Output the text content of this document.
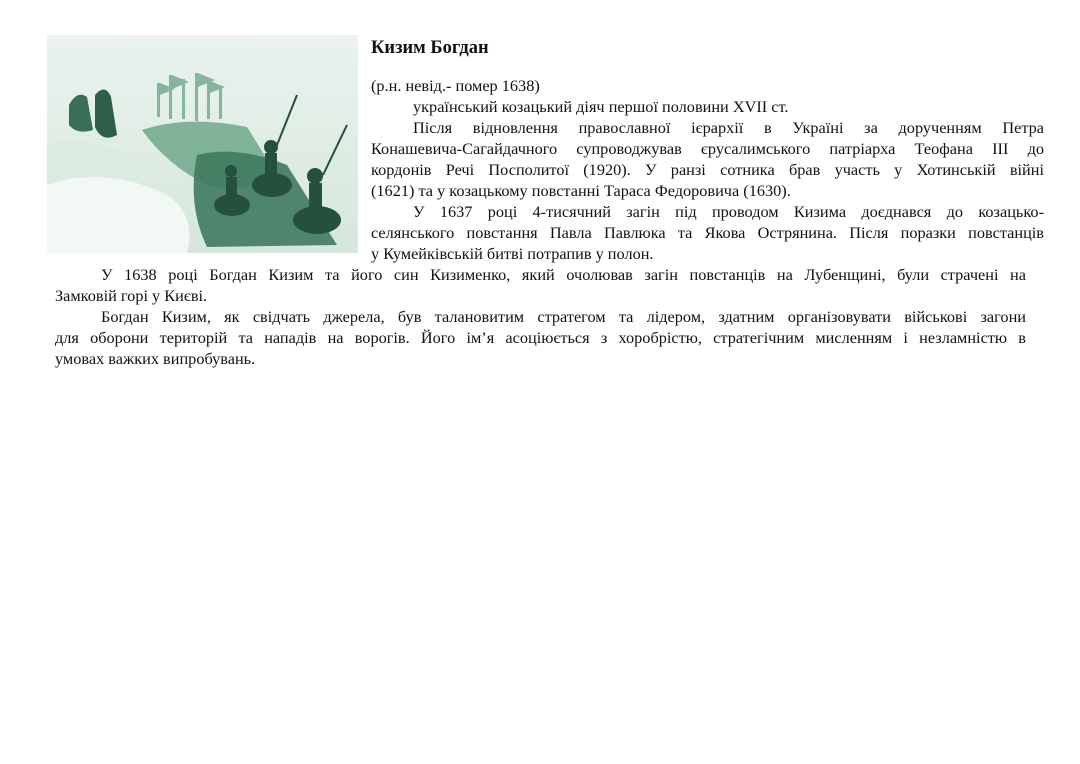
Кизим Богдан

(р.н. невід.- помер 1638)

український козацький діяч першої половини XVII ст.

Після відновлення православної ієрархії в Україні за дорученням Петра

Конашевича-Сагайдачного супроводжував єрусалимського патріарха Теофана III до

кордонів Речі Посполитої (1920). У ранзі сотника брав участь у Хотинській війні

(1621) та у козацькому повстанні Тараса Федоровича (1630).

У 1637 році 4-тисячний загін під проводом Кизима доєднався до козацько-

селянського повстання Павла Павлюка та Якова Острянина. Після поразки повстанців

у Кумейківській битві потрапив у полон.

У 1638 році Богдан Кизим та його син Кизименко, який очолював загін повстанців на Лубенщині, були страчені на

Замковій горі у Києві.

Богдан Кизим, як свідчать джерела, був талановитим стратегом та лідером, здатним організовувати військові загони

для оборони територій та нападів на ворогів. Його ім’я асоціюється з хоробрістю, стратегічним мисленням і незламністю в

умовах важких випробувань.
